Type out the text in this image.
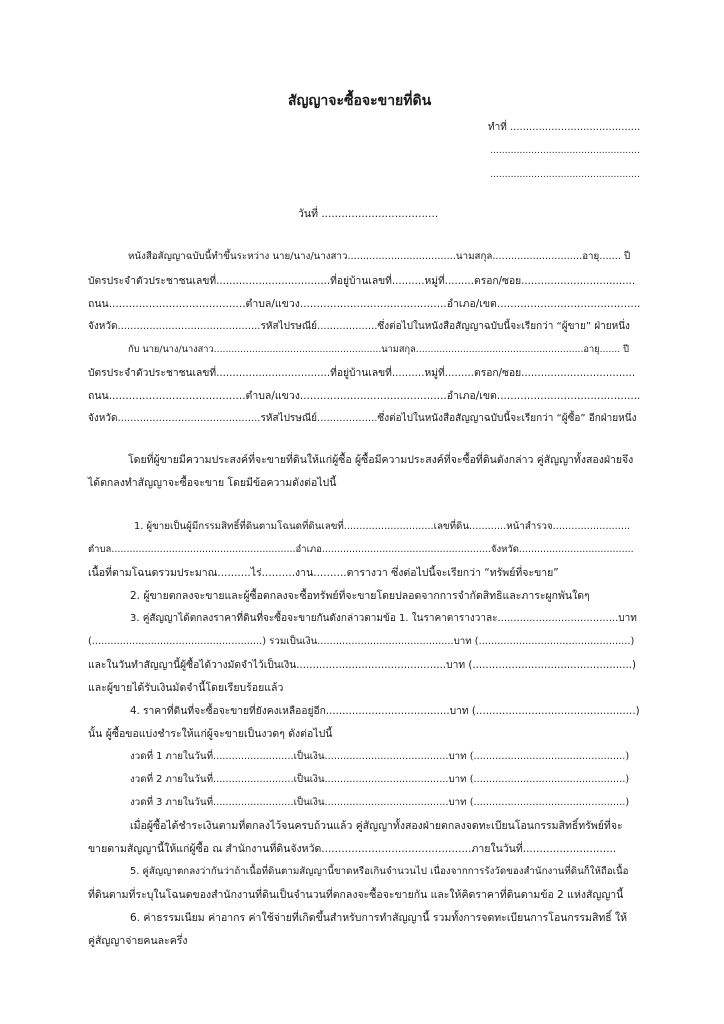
สัญญาจะซื้อจะขายที่ดิน
ทำที่ .........................................
...................................................
...................................................
วันที่ ...................................
หนังสือสัญญาฉบับนี้ทำขึ้นระหว่าง นาย/นาง/นางสาว...................................นามสกุล.............................อายุ....... ปี
บัตรประจำตัวประชาชนเลขที่...................................ที่อยู่บ้านเลขที่..........หมู่ที่.........ตรอก/ซอย...................................
ถนน.........................................ตำบล/แขวง............................................อำเภอ/เขต...........................................
จังหวัด.............................................รหัสไปรษณีย์...................ซึ่งต่อไปในหนังสือสัญญาฉบับนี้จะเรียกว่า “ผู้ขาย” ฝ่ายหนึ่ง
กับ นาย/นาง/นางสาว.........................................................นามสกุล.........................................................อายุ....... ปี
บัตรประจำตัวประชาชนเลขที่...................................ที่อยู่บ้านเลขที่..........หมู่ที่.........ตรอก/ซอย...................................
ถนน.........................................ตำบล/แขวง............................................อำเภอ/เขต...........................................
จังหวัด.............................................รหัสไปรษณีย์...................ซึ่งต่อไปในหนังสือสัญญาฉบับนี้จะเรียกว่า “ผู้ซื้อ” อีกฝ่ายหนึ่ง
โดยที่ผู้ขายมีความประสงค์ที่จะขายที่ดินให้แก่ผู้ซื้อ ผู้ซื้อมีความประสงค์ที่จะซื้อที่ดินดังกล่าว คู่สัญญาทั้งสองฝ่ายจึง
ได้ตกลงทำสัญญาจะซื้อจะขาย โดยมีข้อความดังต่อไปนี้
1. ผู้ขายเป็นผู้มีกรรมสิทธิ์ที่ดินตามโฉนดที่ดินเลขที่.............................เลขที่ดิน............หน้าสำรวจ.........................
ตำบล.............................................................อำเภอ........................................................จังหวัด......................................
เนื้อที่ตามโฉนดรวมประมาณ..........ไร่..........งาน..........ตารางวา ซึ่งต่อไปนี้จะเรียกว่า “ทรัพย์ที่จะขาย”
2. ผู้ขายตกลงจะขายและผู้ซื้อตกลงจะซื้อทรัพย์ที่จะขายโดยปลอดจากการจำกัดสิทธิและภาระผูกพันใดๆ
3. คู่สัญญาได้ตกลงราคาที่ดินที่จะซื้อจะขายกันดังกล่าวตามข้อ 1. ในราคาตารางวาละ......................................บาท
(.......................................................) รวมเป็นเงิน............................................บาท (.................................................)
และในวันทำสัญญานี้ผู้ซื้อได้วางมัดจำไว้เป็นเงิน..............................................บาท (.................................................)
และผู้ขายได้รับเงินมัดจำนี้โดยเรียบร้อยแล้ว
4. ราคาที่ดินที่จะซื้อจะขายที่ยังคงเหลืออยู่อีก......................................บาท (.................................................)
นั้น ผู้ซื้อขอแบ่งชำระให้แก่ผู้จะขายเป็นงวดๆ ดังต่อไปนี้
งวดที่ 1 ภายในวันที่..........................เป็นเงิน........................................บาท (.................................................)
งวดที่ 2 ภายในวันที่..........................เป็นเงิน........................................บาท (.................................................)
งวดที่ 3 ภายในวันที่..........................เป็นเงิน........................................บาท (.................................................)
เมื่อผู้ซื้อได้ชำระเงินตามที่ตกลงไว้จนครบถ้วนแล้ว คู่สัญญาทั้งสองฝ่ายตกลงจดทะเบียนโอนกรรมสิทธิ์ทรัพย์ที่จะ
ขายตามสัญญานี้ให้แก่ผู้ซื้อ ณ สำนักงานที่ดินจังหวัด.............................................ภายในวันที่............................
5. คู่สัญญาตกลงว่ากันว่าถ้าเนื้อที่ดินตามสัญญานี้ขาดหรือเกินจำนวนไป เนื่องจากการรังวัดของสำนักงานที่ดินก็ให้ถือเนื้อ
ที่ดินตามที่ระบุในโฉนดของสำนักงานที่ดินเป็นจำนวนที่ตกลงจะซื้อจะขายกัน และให้คิดราคาที่ดินตามข้อ 2 แห่งสัญญานี้
6. ค่าธรรมเนียม ค่าอากร ค่าใช้จ่ายที่เกิดขึ้นสำหรับการทำสัญญานี้ รวมทั้งการจดทะเบียนการโอนกรรมสิทธิ์ ให้
คู่สัญญาจ่ายคนละครึ่ง
